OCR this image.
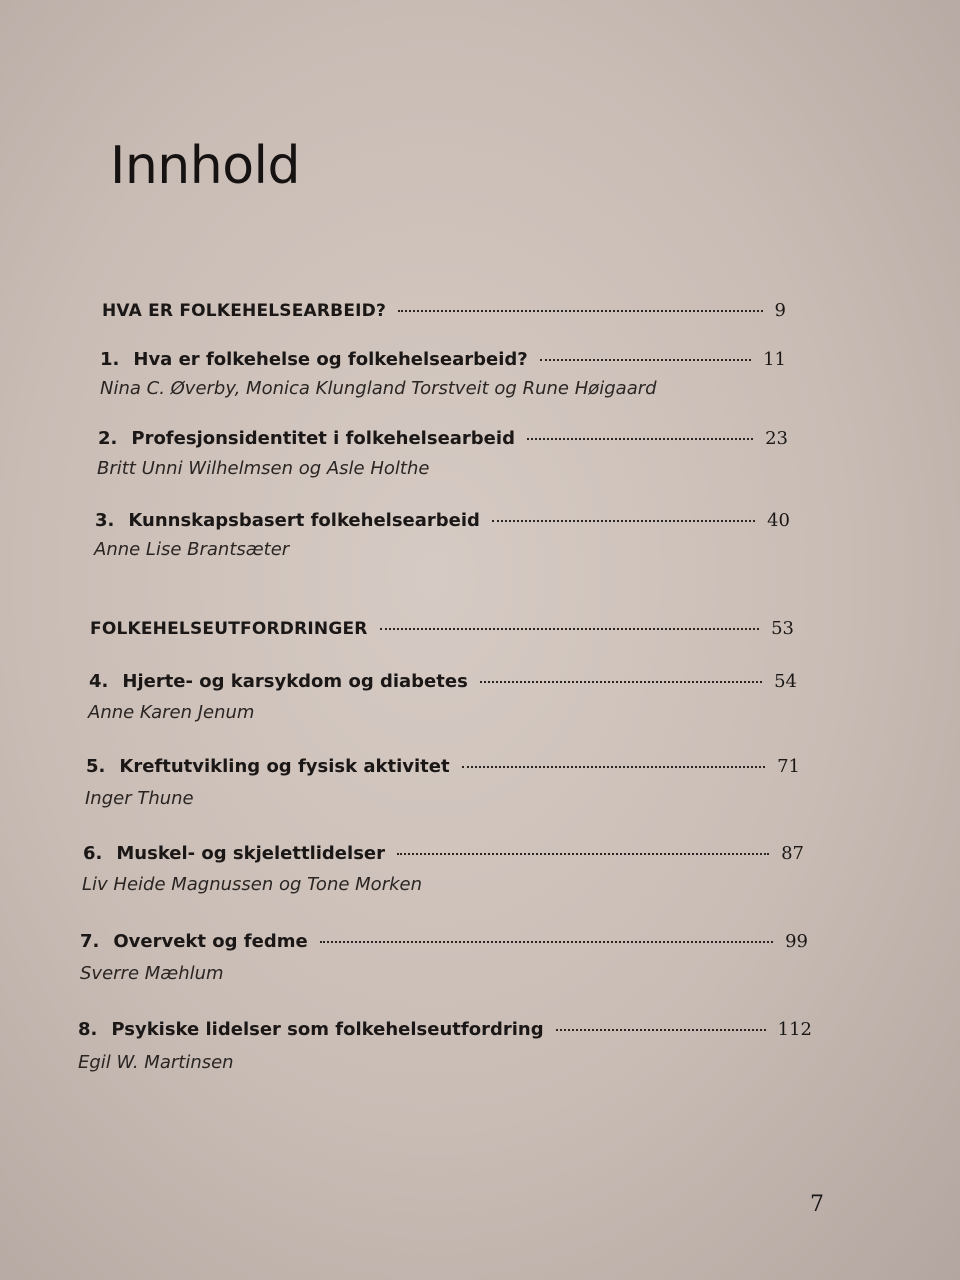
Innhold
HVA ER FOLKEHELSEARBEID?	9
1. Hva er folkehelse og folkehelsearbeid?	11
Nina C. Øverby, Monica Klungland Torstveit og Rune Høigaard
2. Profesjonsidentitet i folkehelsearbeid	23
Britt Unni Wilhelmsen og Asle Holthe
3. Kunnskapsbasert folkehelsearbeid	40
Anne Lise Brantsæter
FOLKEHELSEUTFORDRINGER	53
4. Hjerte- og karsykdom og diabetes	54
Anne Karen Jenum
5. Kreftutvikling og fysisk aktivitet	71
Inger Thune
6. Muskel- og skjelettlidelser	87
Liv Heide Magnussen og Tone Morken
7. Overvekt og fedme	99
Sverre Mæhlum
8. Psykiske lidelser som folkehelseutfordring	112
Egil W. Martinsen
7
